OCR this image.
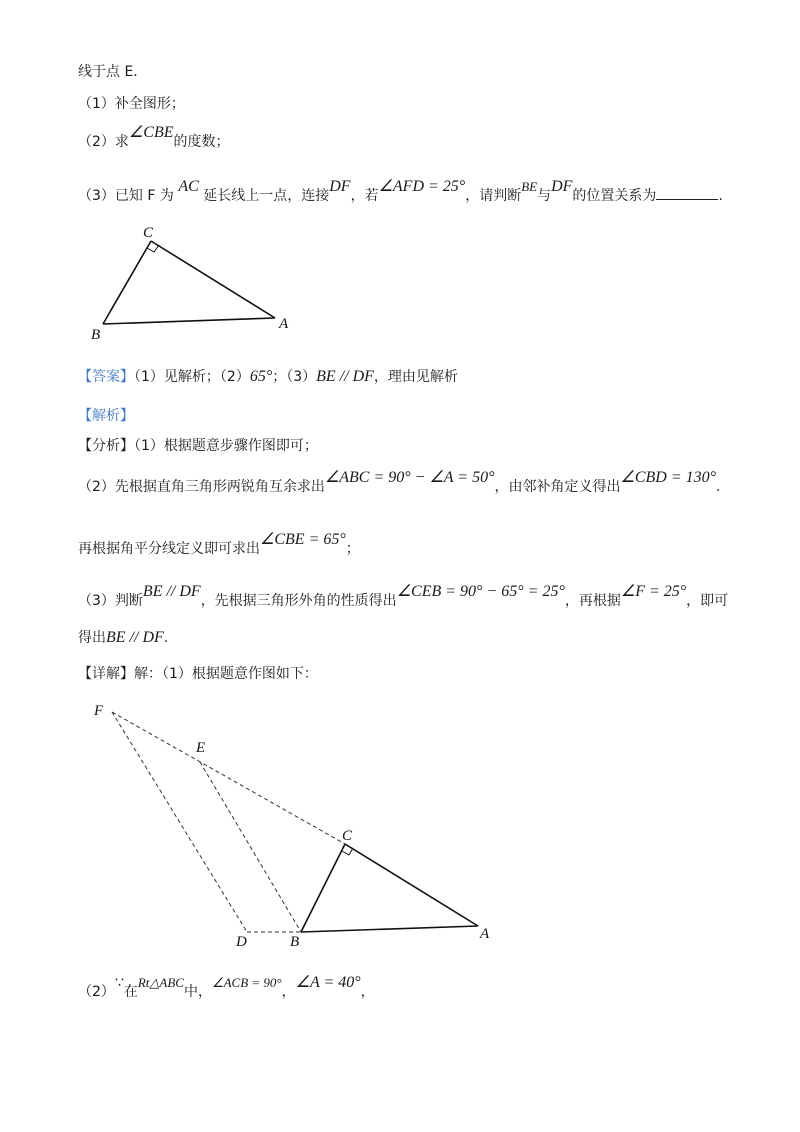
线于点 E.
（1）补全图形；
（2）求∠CBE的度数；
（3）已知 F 为 AC 延长线上一点，连接DF，若∠AFD = 25°，请判断BE与DF的位置关系为	.
C
B
A
【答案】（1）见解析；（2）65°；（3）BE // DF，理由见解析
【解析】
【分析】（1）根据题意步骤作图即可；
（2）先根据直角三角形两锐角互余求出∠ABC = 90° − ∠A = 50°，由邻补角定义得出∠CBD = 130°.
再根据角平分线定义即可求出∠CBE = 65°；
（3）判断BE // DF，先根据三角形外角的性质得出∠CEB = 90° − 65° = 25°，再根据∠F = 25°，即可
得出BE // DF.
【详解】解：（1）根据题意作图如下：
F
E
C
D	B	A
（2）∵在Rt△ABC中，∠ACB = 90°，∠A = 40°，
